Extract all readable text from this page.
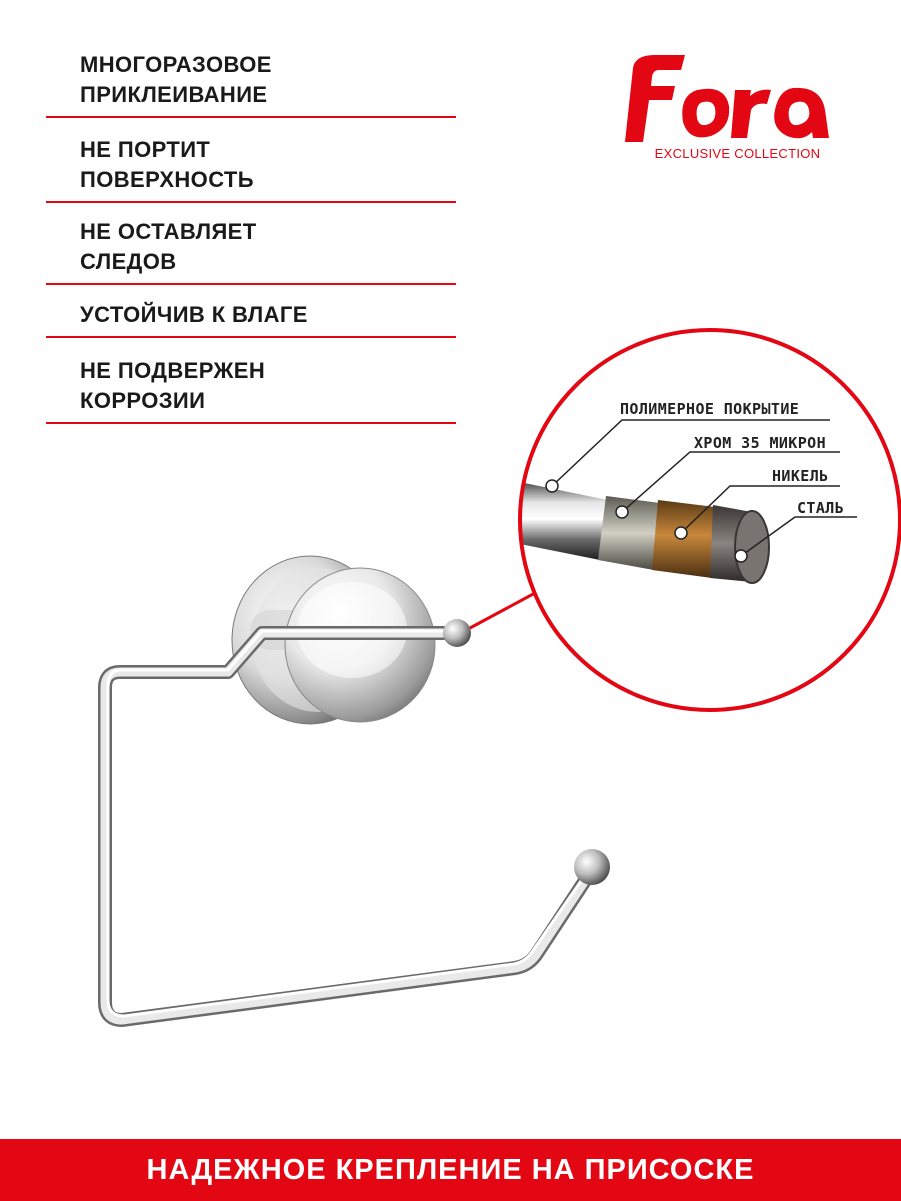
МНОГОРАЗОВОЕ
ПРИКЛЕИВАНИЕ
НЕ ПОРТИТ
ПОВЕРХНОСТЬ
НЕ ОСТАВЛЯЕТ
СЛЕДОВ
УСТОЙЧИВ К ВЛАГЕ
НЕ ПОДВЕРЖЕН
КОРРОЗИИ
EXCLUSIVE COLLECTION
ПОЛИМЕРНОЕ ПОКРЫТИЕ
ХРОМ 35 МИКРОН
НИКЕЛЬ
СТАЛЬ
НАДЕЖНОЕ КРЕПЛЕНИЕ НА ПРИСОСКЕ
